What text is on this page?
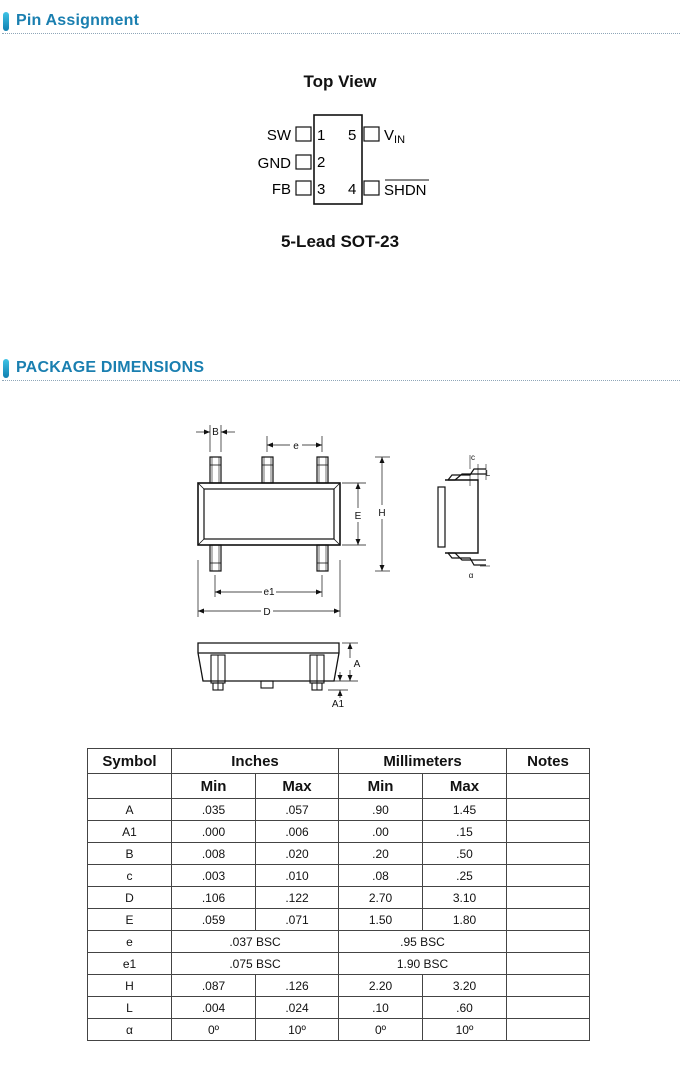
Pin Assignment
Top View
SW
GND
FB
1
2
3
5
4
$V_{IN}$
SHDN
5-Lead SOT-23
PACKAGE DIMENSIONS
B
e
E H
e1
D
c
L
α
A
A1
Symbol	Inches		Millimeters		Notes
	Min	Max	Min	Max	
A	.035	.057	.90	1.45	
A1	.000	.006	.00	.15	
B	.008	.020	.20	.50	
c	.003	.010	.08	.25	
D	.106	.122	2.70	3.10	
E	.059	.071	1.50	1.80	
e	.037 BSC		.95 BSC		
e1	.075 BSC		1.90 BSC		
H	.087	.126	2.20	3.20	
L	.004	.024	.10	.60	
α	0º	10º	0º	10º	
